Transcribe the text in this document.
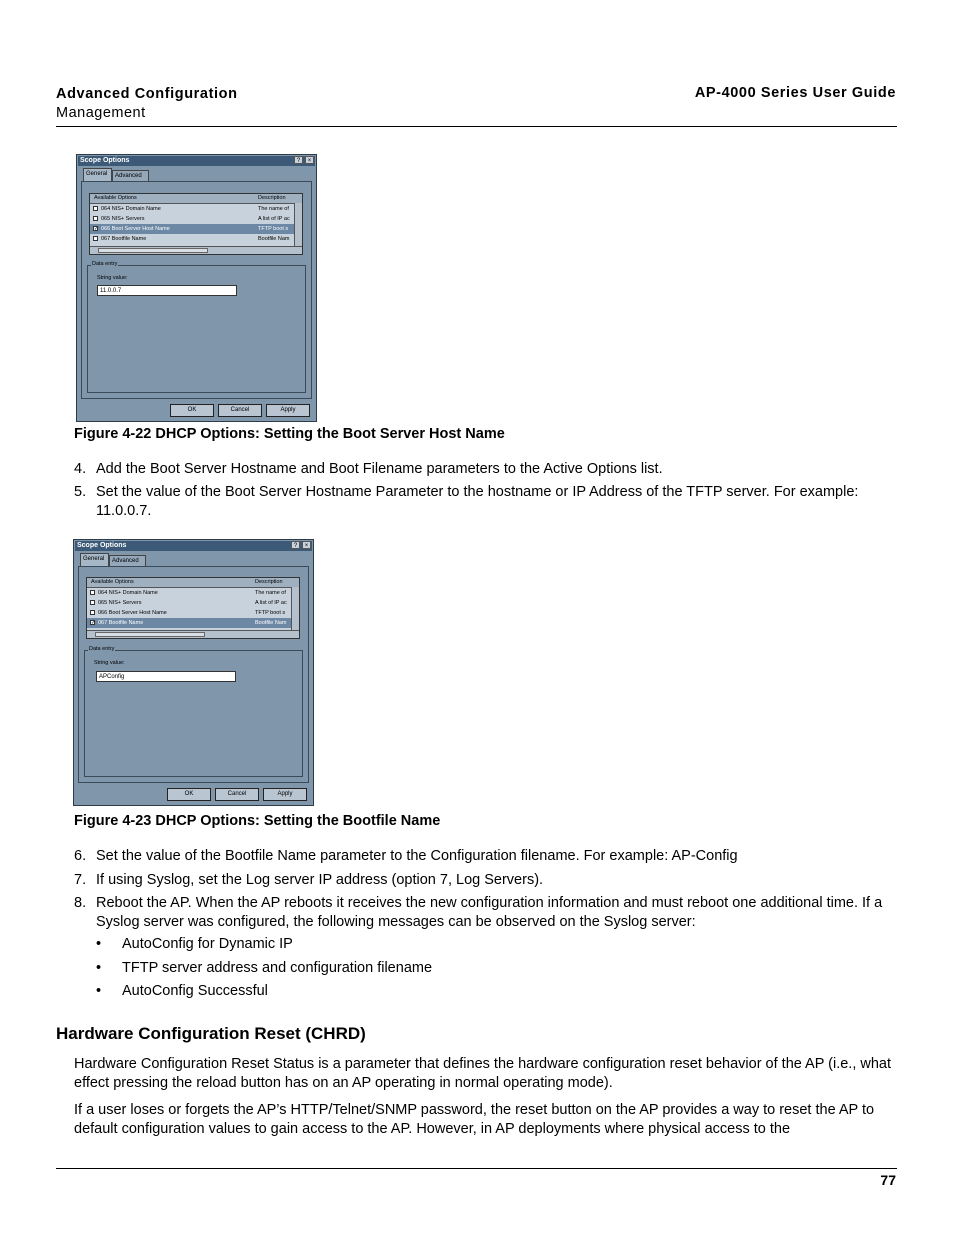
Advanced Configuration
Management
AP-4000 Series User Guide
Scope Options	?	×
General	Advanced
Available Options	Description
064 NIS+ Domain Name	The name of
065 NIS+ Servers	A list of IP ac
✓ 066 Boot Server Host Name	TFTP boot s
067 Bootfile Name	Bootfile Nam
Data entry
String value:
11.0.0.7
OK	Cancel	Apply
Figure 4-22 DHCP Options: Setting the Boot Server Host Name
4. Add the Boot Server Hostname and Boot Filename parameters to the Active Options list.
5. Set the value of the Boot Server Hostname Parameter to the hostname or IP Address of the TFTP server. For example: 11.0.0.7.
Scope Options	?	×
General	Advanced
Available Options	Description
064 NIS+ Domain Name	The name of
065 NIS+ Servers	A list of IP ac
066 Boot Server Host Name	TFTP boot s
✓ 067 Bootfile Name	Bootfile Nam
Data entry
String value:
APConfig
OK	Cancel	Apply
Figure 4-23 DHCP Options: Setting the Bootfile Name
6. Set the value of the Bootfile Name parameter to the Configuration filename. For example: AP-Config
7. If using Syslog, set the Log server IP address (option 7, Log Servers).
8. Reboot the AP. When the AP reboots it receives the new configuration information and must reboot one additional time. If a Syslog server was configured, the following messages can be observed on the Syslog server:
• AutoConfig for Dynamic IP
• TFTP server address and configuration filename
• AutoConfig Successful
Hardware Configuration Reset (CHRD)
Hardware Configuration Reset Status is a parameter that defines the hardware configuration reset behavior of the AP (i.e., what effect pressing the reload button has on an AP operating in normal operating mode).
If a user loses or forgets the AP’s HTTP/Telnet/SNMP password, the reset button on the AP provides a way to reset the AP to default configuration values to gain access to the AP. However, in AP deployments where physical access to the
77
